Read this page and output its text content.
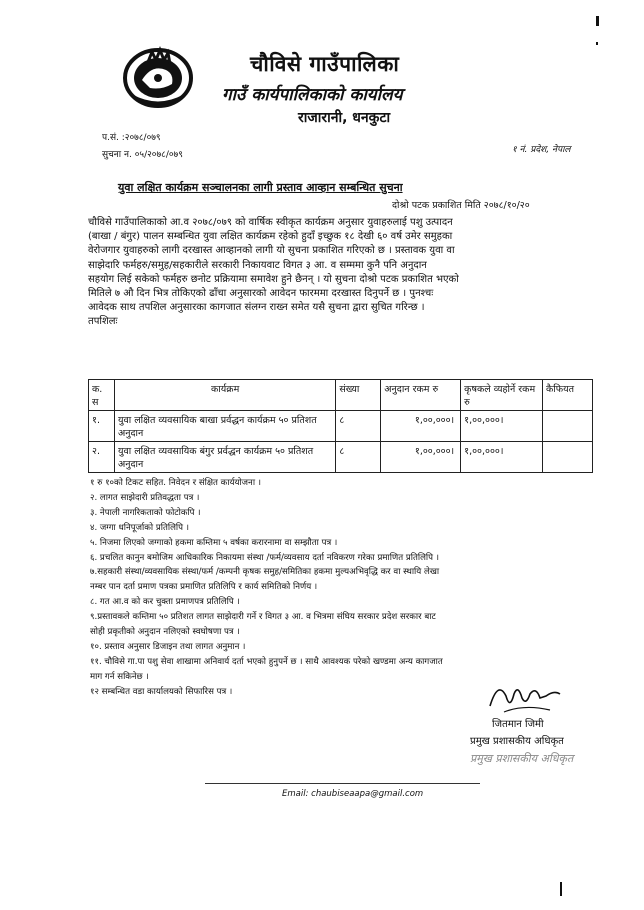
चौविसे गाउँपालिका
गाउँ कार्यपालिकाको कार्यालय
राजारानी, धनकुटा
प.सं. :२०७८/०७९
सुचना न. ०५/२०७८/०७९	१ नं. प्रदेश, नेपाल
युवा लक्षित कार्यक्रम सञ्चालनका लागी प्रस्ताव आव्हान सम्बन्धित सुचना
दोश्रो पटक प्रकाशित मिति २०७८/१०/२०
चौविसे गाउँपालिकाको आ.व २०७८/०७९ को वार्षिक स्वीकृत कार्यक्रम अनुसार युवाहरुलाई पशु उत्पादन
(बाखा / बंगुर) पालन सम्बन्धित युवा लक्षित कार्यक्रम रहेको हुदाँ इच्छुक १८ देखी ६० वर्ष उमेर समुहका
वेरोजगार युवाहरुको लागी दरखास्त आव्हानको लागी यो सुचना प्रकाशित गरिएको छ । प्रस्तावक युवा वा
साझेदारि फर्महरु/समुह/सहकारीले सरकारी निकायवाट विगत ३ आ. व सम्ममा कुनै पनि अनुदान
सहयोग लिई सकेको फर्महरु छनोट प्रक्रियामा समावेश हुने छैनन् । यो सुचना दोश्रो पटक प्रकाशित भएको
मितिले ७ औ दिन भित्र तोकिएको ढाँचा अनुसारको आवेदन फारममा दरखास्त दिनुपर्ने छ । पुनश्चः
आवेदक साथ तपशिल अनुसारका कागजात संलग्न राख्न समेत यसै सुचना द्वारा सुचित गरिन्छ ।
तपशिलः
क. स	कार्यक्रम	संख्या	अनुदान रकम रु	कृषकले व्यहोर्ने रकम रु	कैफियत
१.	युवा लक्षित व्यवसायिक बाखा प्रर्वद्धन कार्यक्रम ५० प्रतिशत अनुदान	८	१,००,०००।	१,००,०००।	
२.	युवा लक्षित व्यवसायिक बंगुर प्रर्वद्धन कार्यक्रम ५० प्रतिशत अनुदान	८	१,००,०००।	१,००,०००।	
१ रु १०को टिकट सहित. निवेदन र संक्षित कार्ययोजना ।
२. लागत साझेदारी प्रतिवद्धता पत्र ।
३. नेपाली नागरिकताको फोटोकपि ।
४. जग्गा धनिपूर्जाको प्रतिलिपि ।
५. निजमा लिएको जग्गाको हकमा कम्तिमा ५ वर्षका करारनामा वा सम्झौता पत्र ।
६. प्रचलित कानुन बमोजिम आधिकारिक निकायमा संस्था /फर्म/व्यवसाय दर्ता नविकरण गरेका प्रमाणित प्रतिलिपि ।
७.सहकारी संस्था/व्यवसायिक संस्था/फर्म /कम्पनी कृषक समुह/समितिका हकमा मुल्यअभिवृद्धि कर वा स्थायि लेखा
नम्बर पान दर्ता प्रमाण पत्रका प्रमाणित प्रतिलिपि र कार्य समितिको निर्णय ।
८. गत आ.व को कर चुक्ता प्रमाणपत्र प्रतिलिपि ।
९.प्रस्तावकले कम्तिमा ५० प्रतिशत लागत साझेदारी गर्ने र विगत ३ आ. व भित्रमा संघिय सरकार प्रदेश सरकार बाट
सोही प्रकृतीको अनुदान नलिएको स्वघोषणा पत्र ।
१०. प्रस्ताव अनुसार डिजाइन तथा लागत अनुमान ।
११. चौविसे गा.पा पशु सेवा शाखामा अनिवार्य दर्ता भएको हुनुपर्ने छ । साथै आवश्यक परेको खण्डमा अन्य कागजात
माग गर्न सकिनेछ ।
१२ सम्बन्धित वडा कार्यालयको सिफारिस पत्र ।
जितमान जिमी
प्रमुख प्रशासकीय अधिकृत
प्रमुख प्रशासकीय अधिकृत
Email: chaubiseaapa@gmail.com
